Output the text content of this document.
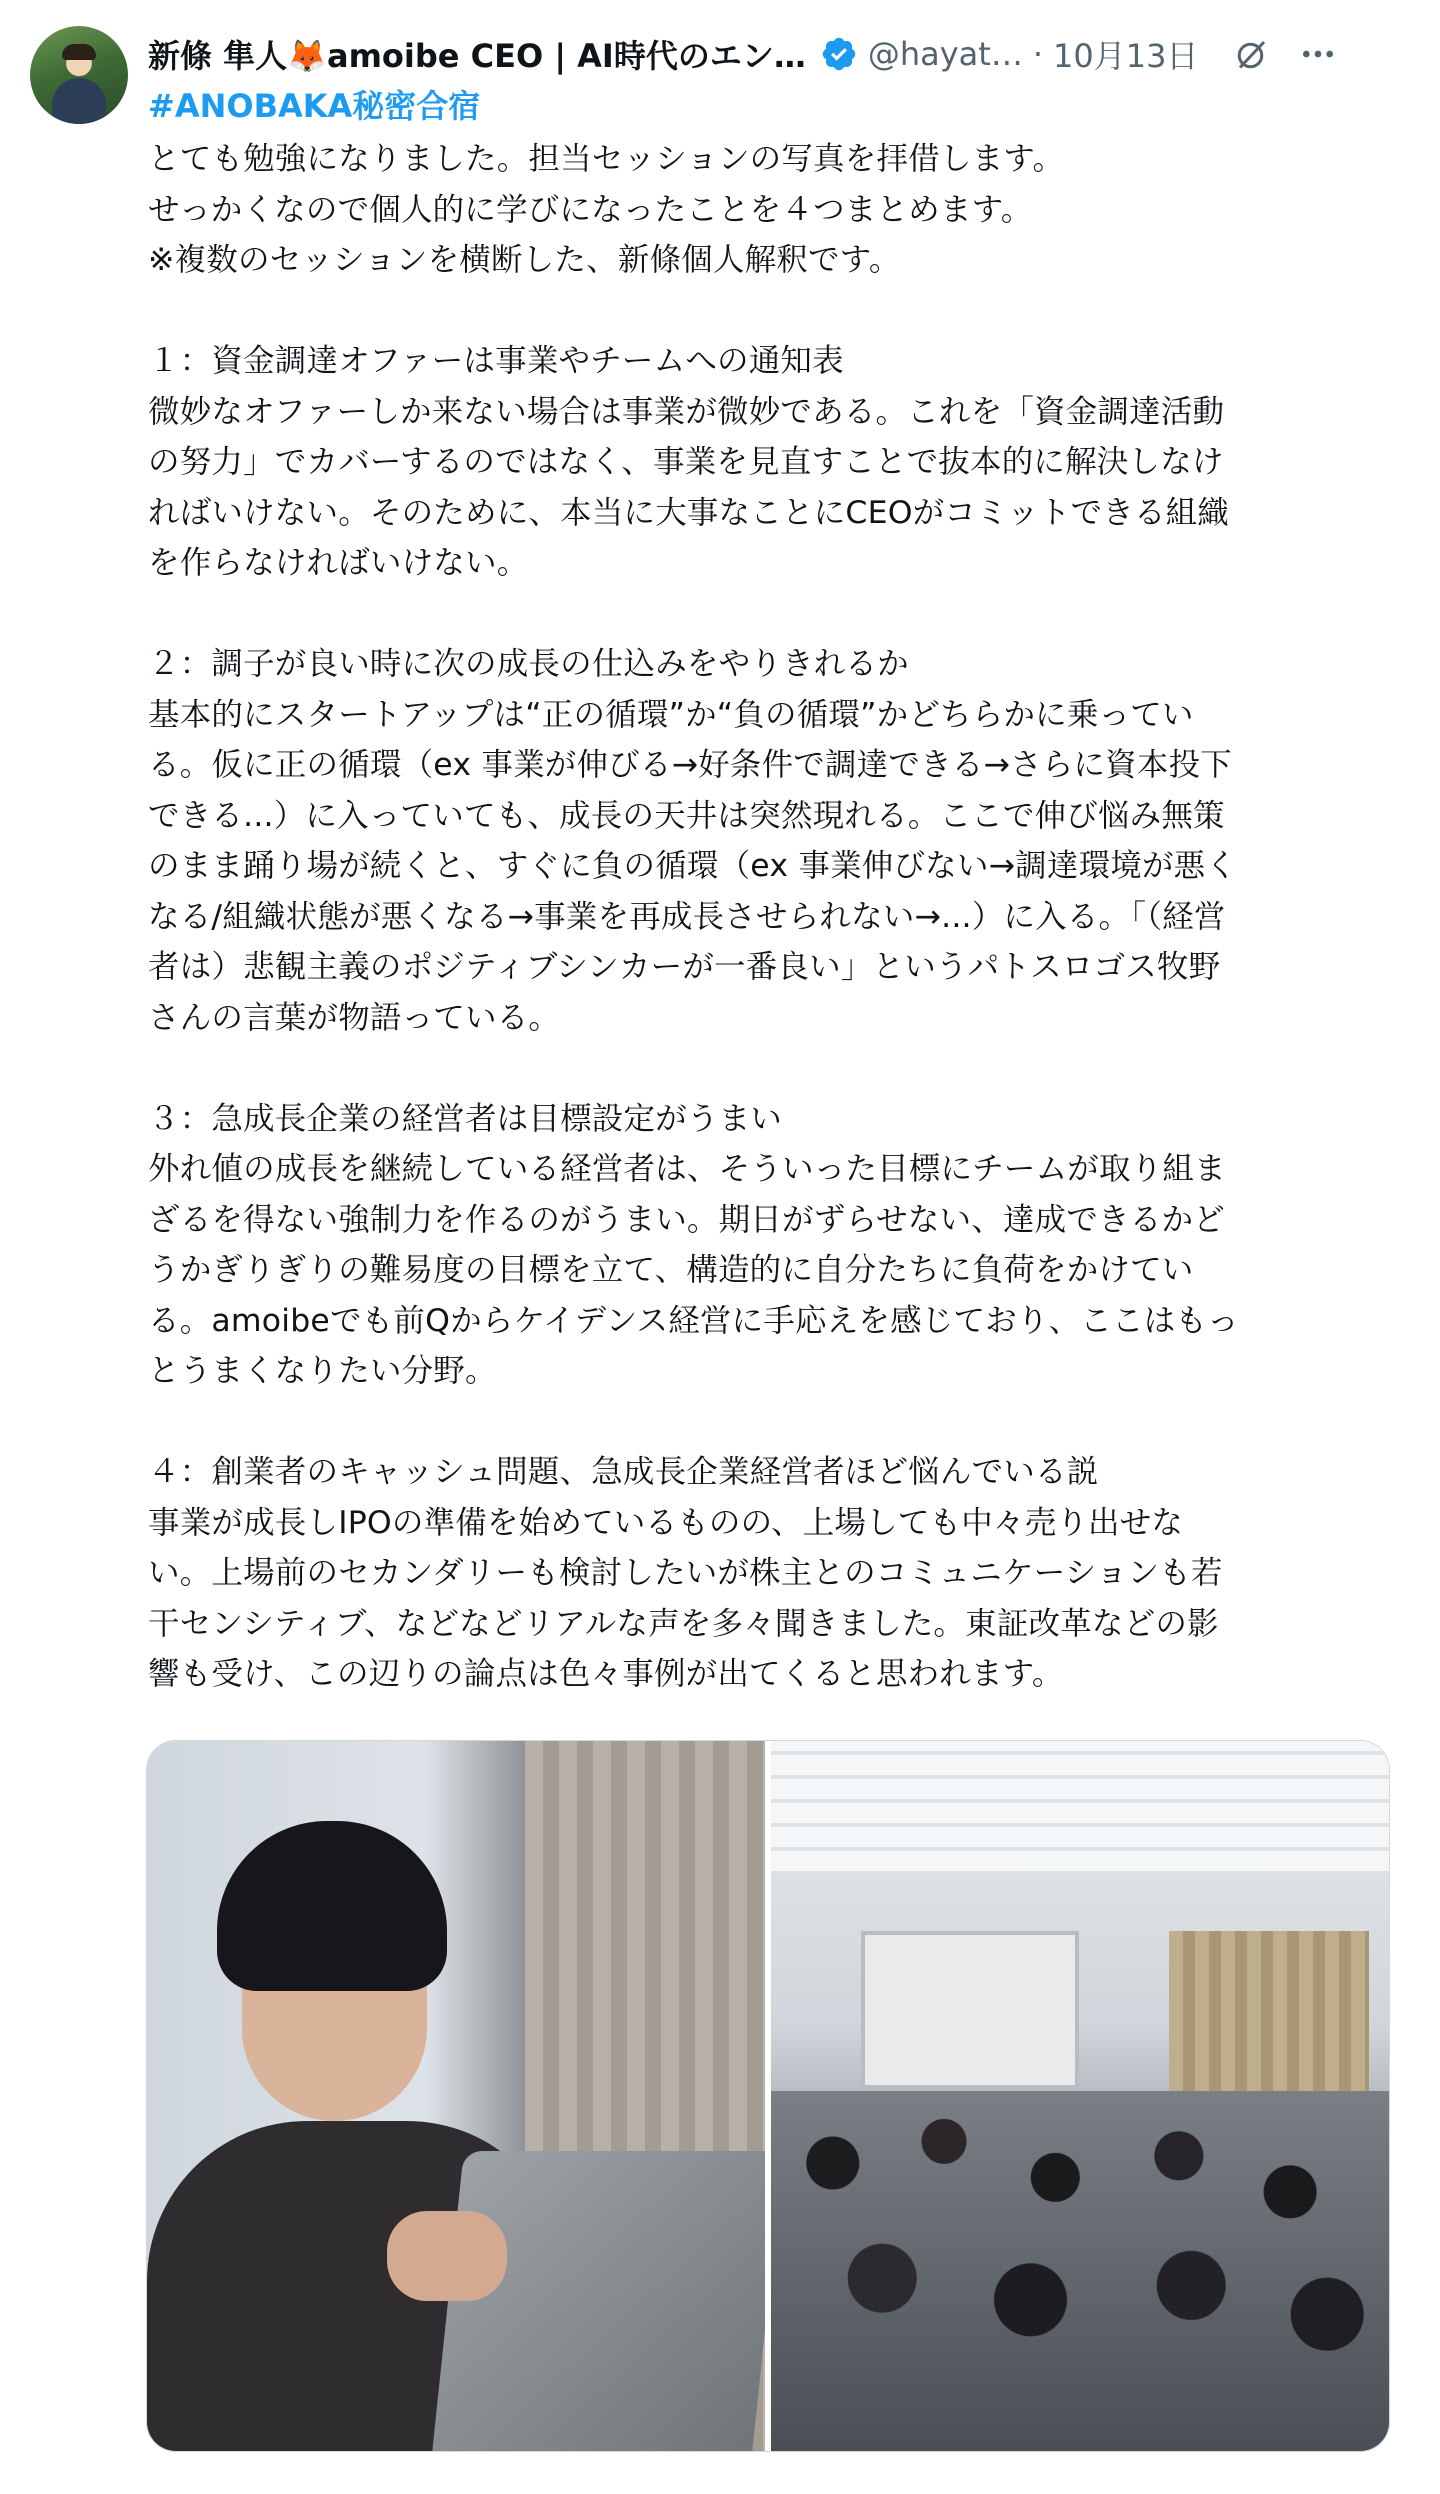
新條 隼人🦊amoibe CEO | AI時代のエン… @hayat… · 10月13日
#ANOBAKA秘密合宿

とても勉強になりました。担当セッションの写真を拝借します。

せっかくなので個人的に学びになったことを４つまとめます。

※複数のセッションを横断した、新條個人解釈です。

１：資金調達オファーは事業やチームへの通知表

微妙なオファーしか来ない場合は事業が微妙である。これを「資金調達活動

の努力」でカバーするのではなく、事業を見直すことで抜本的に解決しなけ

ればいけない。そのために、本当に大事なことにCEOがコミットできる組織

を作らなければいけない。

２：調子が良い時に次の成長の仕込みをやりきれるか

基本的にスタートアップは“正の循環”か“負の循環”かどちらかに乗ってい

る。仮に正の循環（ex 事業が伸びる→好条件で調達できる→さらに資本投下

できる...）に入っていても、成長の天井は突然現れる。ここで伸び悩み無策

のまま踊り場が続くと、すぐに負の循環（ex 事業伸びない→調達環境が悪く

なる/組織状態が悪くなる→事業を再成長させられない→...）に入る。「（経営

者は）悲観主義のポジティブシンカーが一番良い」というパトスロゴス牧野

さんの言葉が物語っている。

３：急成長企業の経営者は目標設定がうまい

外れ値の成長を継続している経営者は、そういった目標にチームが取り組ま

ざるを得ない強制力を作るのがうまい。期日がずらせない、達成できるかど

うかぎりぎりの難易度の目標を立て、構造的に自分たちに負荷をかけてい

る。amoibeでも前Qからケイデンス経営に手応えを感じており、ここはもっ

とうまくなりたい分野。

４：創業者のキャッシュ問題、急成長企業経営者ほど悩んでいる説

事業が成長しIPOの準備を始めているものの、上場しても中々売り出せな

い。上場前のセカンダリーも検討したいが株主とのコミュニケーションも若

干センシティブ、などなどリアルな声を多々聞きました。東証改革などの影

響も受け、この辺りの論点は色々事例が出てくると思われます。
